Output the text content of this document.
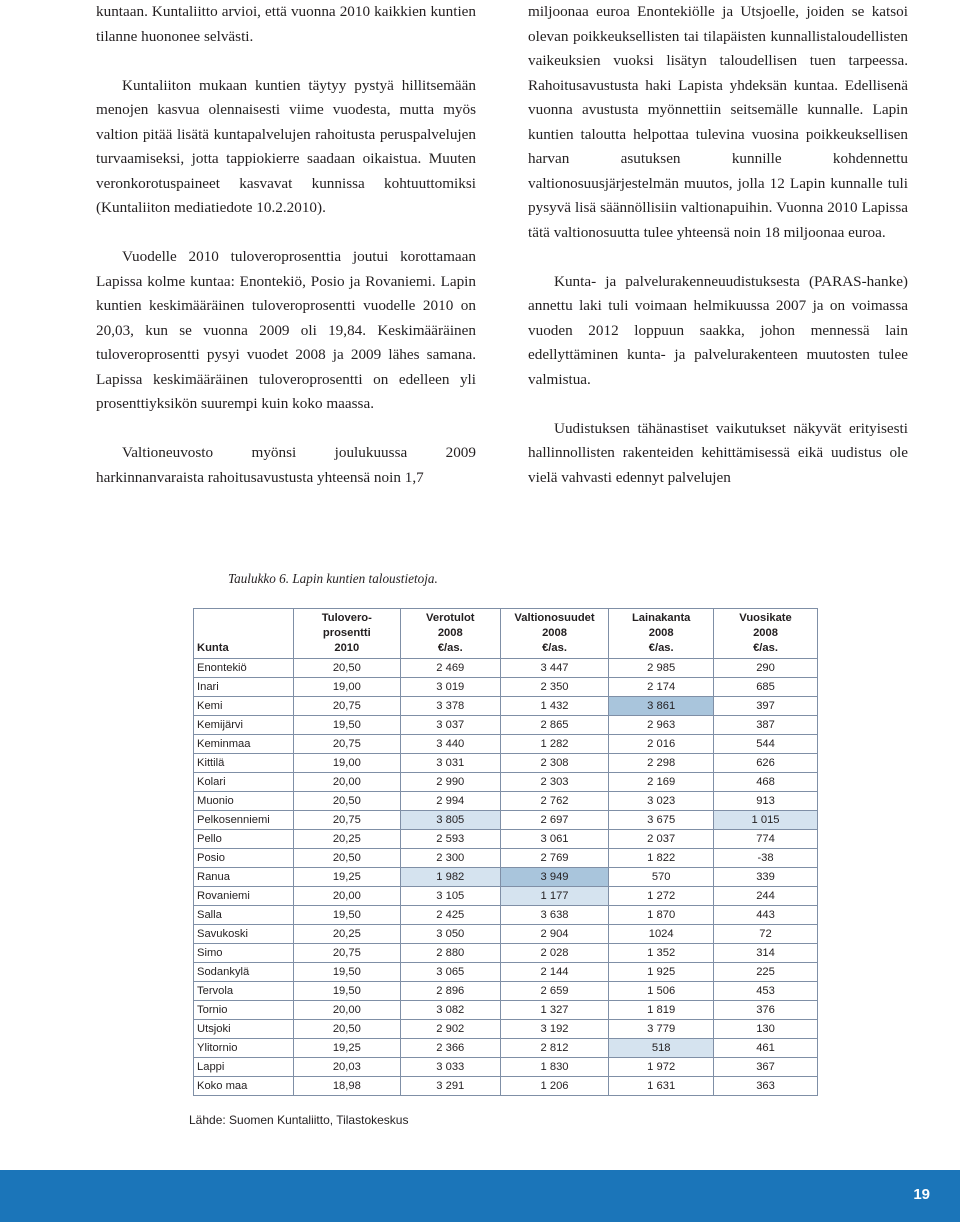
kuntaan. Kuntaliitto arvioi, että vuonna 2010 kaikkien kuntien tilanne huononee selvästi.

Kuntaliiton mukaan kuntien täytyy pystyä hillitsemään menojen kasvua olennaisesti viime vuodesta, mutta myös valtion pitää lisätä kuntapalvelujen rahoitusta peruspalvelujen turvaamiseksi, jotta tappiokierre saadaan oikaistua. Muuten veronkorotuspaineet kasvavat kunnissa kohtuuttomiksi (Kuntaliiton mediatiedote 10.2.2010).

Vuodelle 2010 tuloveroprosenttia joutui korottamaan Lapissa kolme kuntaa: Enontekiö, Posio ja Rovaniemi. Lapin kuntien keskimääräinen tuloveroprosentti vuodelle 2010 on 20,03, kun se vuonna 2009 oli 19,84. Keskimääräinen tuloveroprosentti pysyi vuodet 2008 ja 2009 lähes samana. Lapissa keskimääräinen tuloveroprosentti on edelleen yli prosenttiyksikön suurempi kuin koko maassa.

Valtioneuvosto myönsi joulukuussa 2009 harkinnanvaraista rahoitusavustusta yhteensä noin 1,7

miljoonaa euroa Enontekiölle ja Utsjoelle, joiden se katsoi olevan poikkeuksellisten tai tilapäisten kunnallistaloudellisten vaikeuksien vuoksi lisätyn taloudellisen tuen tarpeessa. Rahoitusavustusta haki Lapista yhdeksän kuntaa. Edellisenä vuonna avustusta myönnettiin seitsemälle kunnalle. Lapin kuntien taloutta helpottaa tulevina vuosina poikkeuksellisen harvan asutuksen kunnille kohdennettu valtionosuusjärjestelmän muutos, jolla 12 Lapin kunnalle tuli pysyvä lisä säännöllisiin valtionapuihin. Vuonna 2010 Lapissa tätä valtionosuutta tulee yhteensä noin 18 miljoonaa euroa.

Kunta- ja palvelurakenneuudistuksesta (PARAS-hanke) annettu laki tuli voimaan helmikuussa 2007 ja on voimassa vuoden 2012 loppuun saakka, johon mennessä lain edellyttäminen kunta- ja palvelurakenteen muutosten tulee valmistua.

Uudistuksen tähänastiset vaikutukset näkyvät erityisesti hallinnollisten rakenteiden kehittämisessä eikä uudistus ole vielä vahvasti edennyt palvelujen

Taulukko 6. Lapin kuntien taloustietoja.
Kunta	Tulovero-
prosentti
2010	Verotulot
2008
€/as.	Valtionosuudet
2008
€/as.	Lainakanta
2008
€/as.	Vuosikate
2008
€/as.
Enontekiö	20,50	2 469	3 447	2 985	290
Inari	19,00	3 019	2 350	2 174	685
Kemi	20,75	3 378	1 432	3 861	397
Kemijärvi	19,50	3 037	2 865	2 963	387
Keminmaa	20,75	3 440	1 282	2 016	544
Kittilä	19,00	3 031	2 308	2 298	626
Kolari	20,00	2 990	2 303	2 169	468
Muonio	20,50	2 994	2 762	3 023	913
Pelkosenniemi	20,75	3 805	2 697	3 675	1 015
Pello	20,25	2 593	3 061	2 037	774
Posio	20,50	2 300	2 769	1 822	-38
Ranua	19,25	1 982	3 949	570	339
Rovaniemi	20,00	3 105	1 177	1 272	244
Salla	19,50	2 425	3 638	1 870	443
Savukoski	20,25	3 050	2 904	1024	72
Simo	20,75	2 880	2 028	1 352	314
Sodankylä	19,50	3 065	2 144	1 925	225
Tervola	19,50	2 896	2 659	1 506	453
Tornio	20,00	3 082	1 327	1 819	376
Utsjoki	20,50	2 902	3 192	3 779	130
Ylitornio	19,25	2 366	2 812	518	461
Lappi	20,03	3 033	1 830	1 972	367
Koko maa	18,98	3 291	1 206	1 631	363
Lähde: Suomen Kuntaliitto, Tilastokeskus
19
